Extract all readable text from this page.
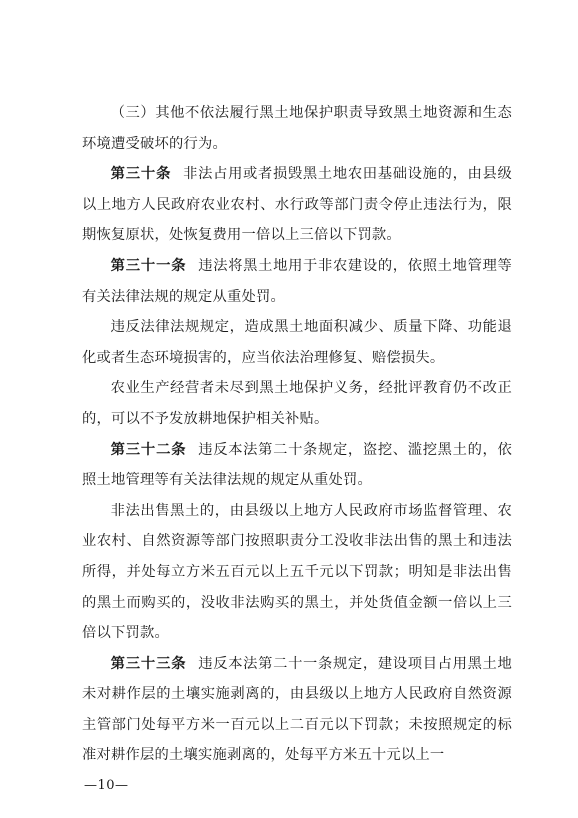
（三）其他不依法履行黑土地保护职责导致黑土地资源和生态环境遭受破坏的行为。

第三十条 非法占用或者损毁黑土地农田基础设施的，由县级以上地方人民政府农业农村、水行政等部门责令停止违法行为，限期恢复原状，处恢复费用一倍以上三倍以下罚款。

第三十一条 违法将黑土地用于非农建设的，依照土地管理等有关法律法规的规定从重处罚。

违反法律法规规定，造成黑土地面积减少、质量下降、功能退化或者生态环境损害的，应当依法治理修复、赔偿损失。

农业生产经营者未尽到黑土地保护义务，经批评教育仍不改正的，可以不予发放耕地保护相关补贴。

第三十二条 违反本法第二十条规定，盗挖、滥挖黑土的，依照土地管理等有关法律法规的规定从重处罚。

非法出售黑土的，由县级以上地方人民政府市场监督管理、农业农村、自然资源等部门按照职责分工没收非法出售的黑土和违法所得，并处每立方米五百元以上五千元以下罚款；明知是非法出售的黑土而购买的，没收非法购买的黑土，并处货值金额一倍以上三倍以下罚款。

第三十三条 违反本法第二十一条规定，建设项目占用黑土地未对耕作层的土壤实施剥离的，由县级以上地方人民政府自然资源主管部门处每平方米一百元以上二百元以下罚款；未按照规定的标准对耕作层的土壤实施剥离的，处每平方米五十元以上一

—10—
